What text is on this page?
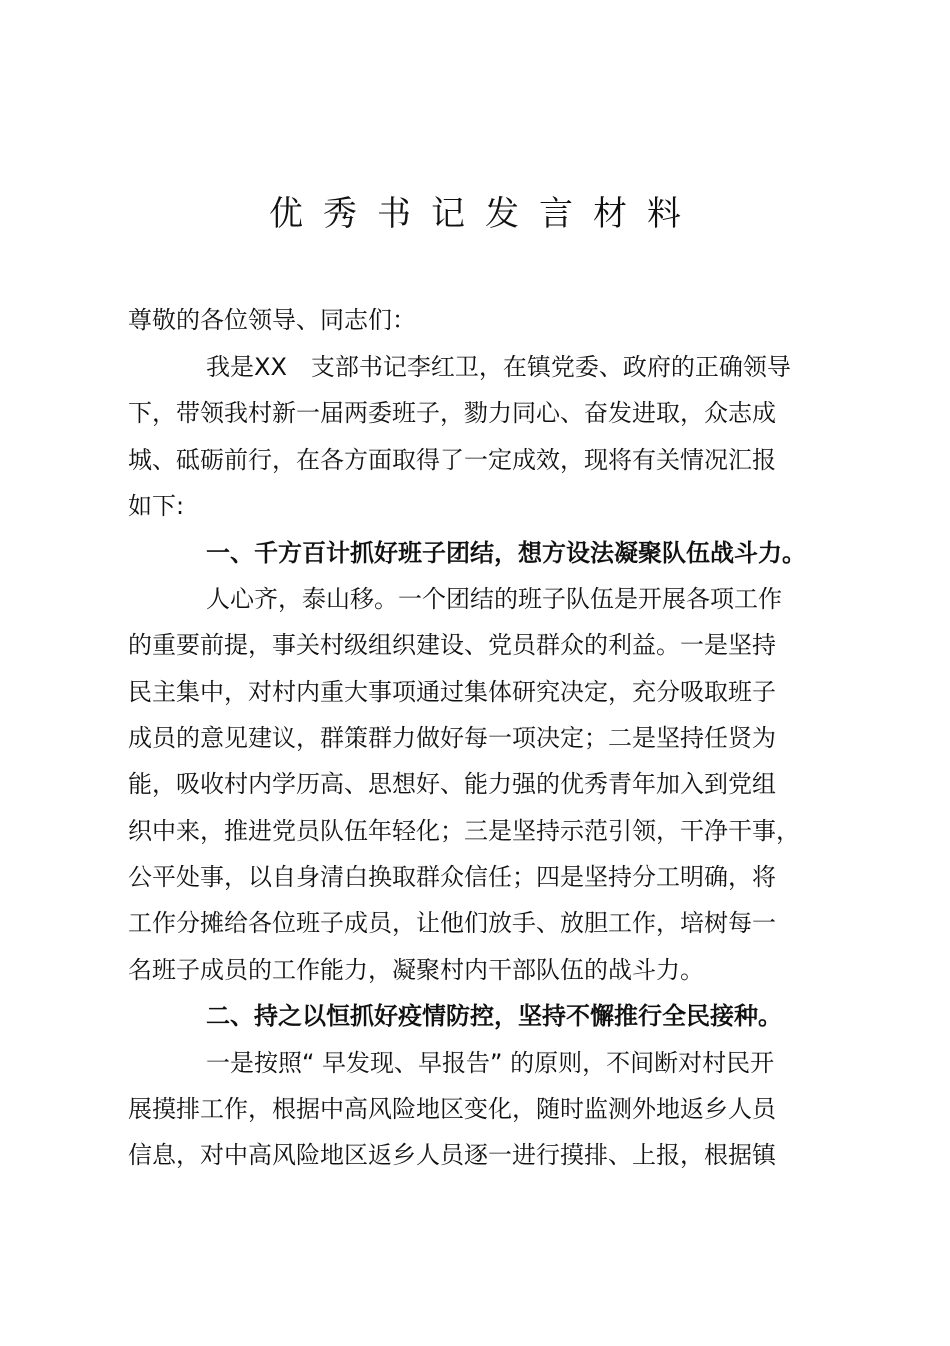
优秀书记发言材料
尊敬的各位领导、同志们：
我是XX　支部书记李红卫，在镇党委、政府的正确领导
下，带领我村新一届两委班子，勠力同心、奋发进取，众志成
城、砥砺前行，在各方面取得了一定成效，现将有关情况汇报
如下:
一、千方百计抓好班子团结，想方设法凝聚队伍战斗力。
人心齐，泰山移。一个团结的班子队伍是开展各项工作
的重要前提，事关村级组织建设、党员群众的利益。一是坚持
民主集中，对村内重大事项通过集体研究决定，充分吸取班子
成员的意见建议，群策群力做好每一项决定；二是坚持任贤为
能，吸收村内学历高、思想好、能力强的优秀青年加入到党组
织中来，推进党员队伍年轻化；三是坚持示范引领，干净干事，
公平处事，以自身清白换取群众信任；四是坚持分工明确，将
工作分摊给各位班子成员，让他们放手、放胆工作，培树每一
名班子成员的工作能力，凝聚村内干部队伍的战斗力。
二、持之以恒抓好疫情防控，坚持不懈推行全民接种。
一是按照“ 早发现、早报告” 的原则，不间断对村民开
展摸排工作，根据中高风险地区变化，随时监测外地返乡人员
信息，对中高风险地区返乡人员逐一进行摸排、上报，根据镇
